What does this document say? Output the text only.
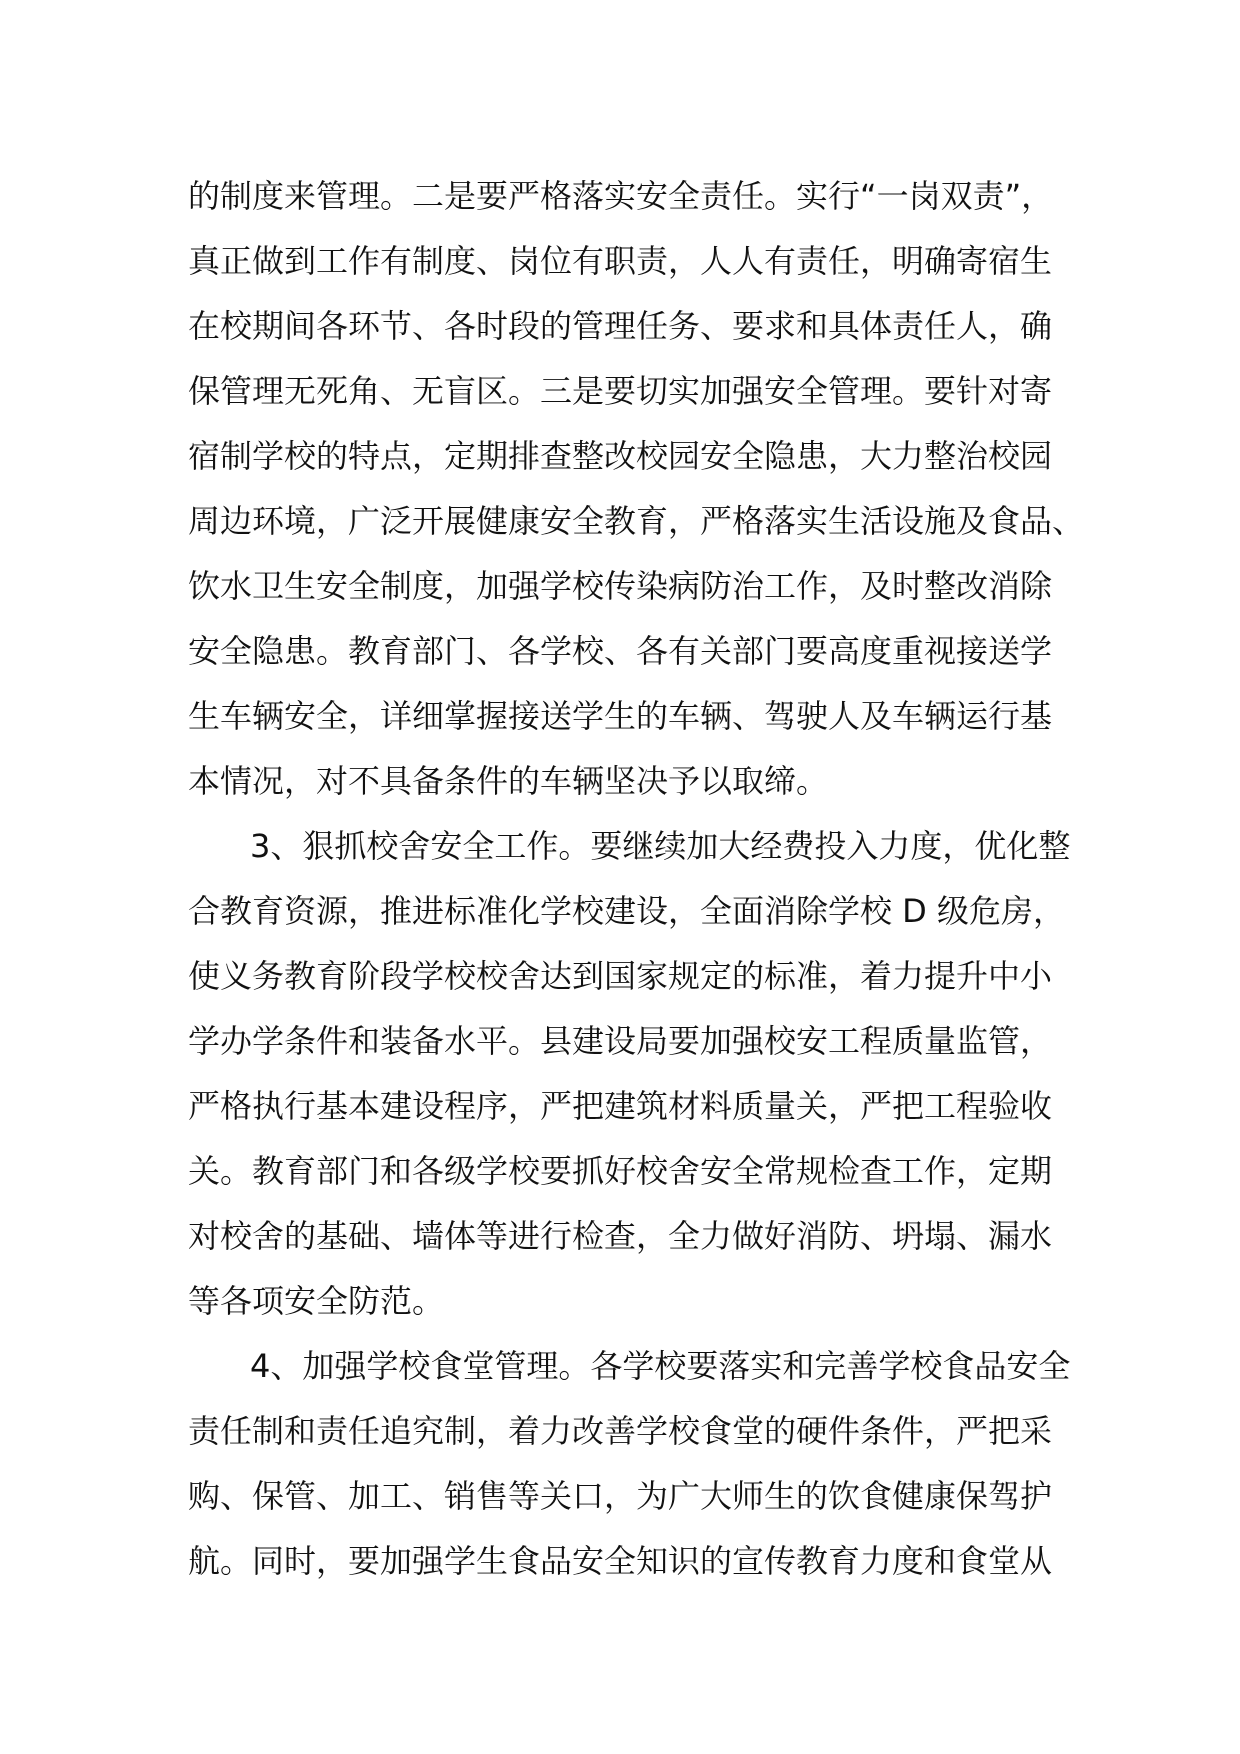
的制度来管理。二是要严格落实安全责任。实行“一岗双责”，
真正做到工作有制度、岗位有职责，人人有责任，明确寄宿生
在校期间各环节、各时段的管理任务、要求和具体责任人，确
保管理无死角、无盲区。三是要切实加强安全管理。要针对寄
宿制学校的特点，定期排查整改校园安全隐患，大力整治校园
周边环境，广泛开展健康安全教育，严格落实生活设施及食品、
饮水卫生安全制度，加强学校传染病防治工作，及时整改消除
安全隐患。教育部门、各学校、各有关部门要高度重视接送学
生车辆安全，详细掌握接送学生的车辆、驾驶人及车辆运行基
本情况，对不具备条件的车辆坚决予以取缔。
3、狠抓校舍安全工作。要继续加大经费投入力度，优化整
合教育资源，推进标准化学校建设，全面消除学校 D 级危房，
使义务教育阶段学校校舍达到国家规定的标准，着力提升中小
学办学条件和装备水平。县建设局要加强校安工程质量监管，
严格执行基本建设程序，严把建筑材料质量关，严把工程验收
关。教育部门和各级学校要抓好校舍安全常规检查工作，定期
对校舍的基础、墙体等进行检查，全力做好消防、坍塌、漏水
等各项安全防范。
4、加强学校食堂管理。各学校要落实和完善学校食品安全
责任制和责任追究制，着力改善学校食堂的硬件条件，严把采
购、保管、加工、销售等关口，为广大师生的饮食健康保驾护
航。同时，要加强学生食品安全知识的宣传教育力度和食堂从
